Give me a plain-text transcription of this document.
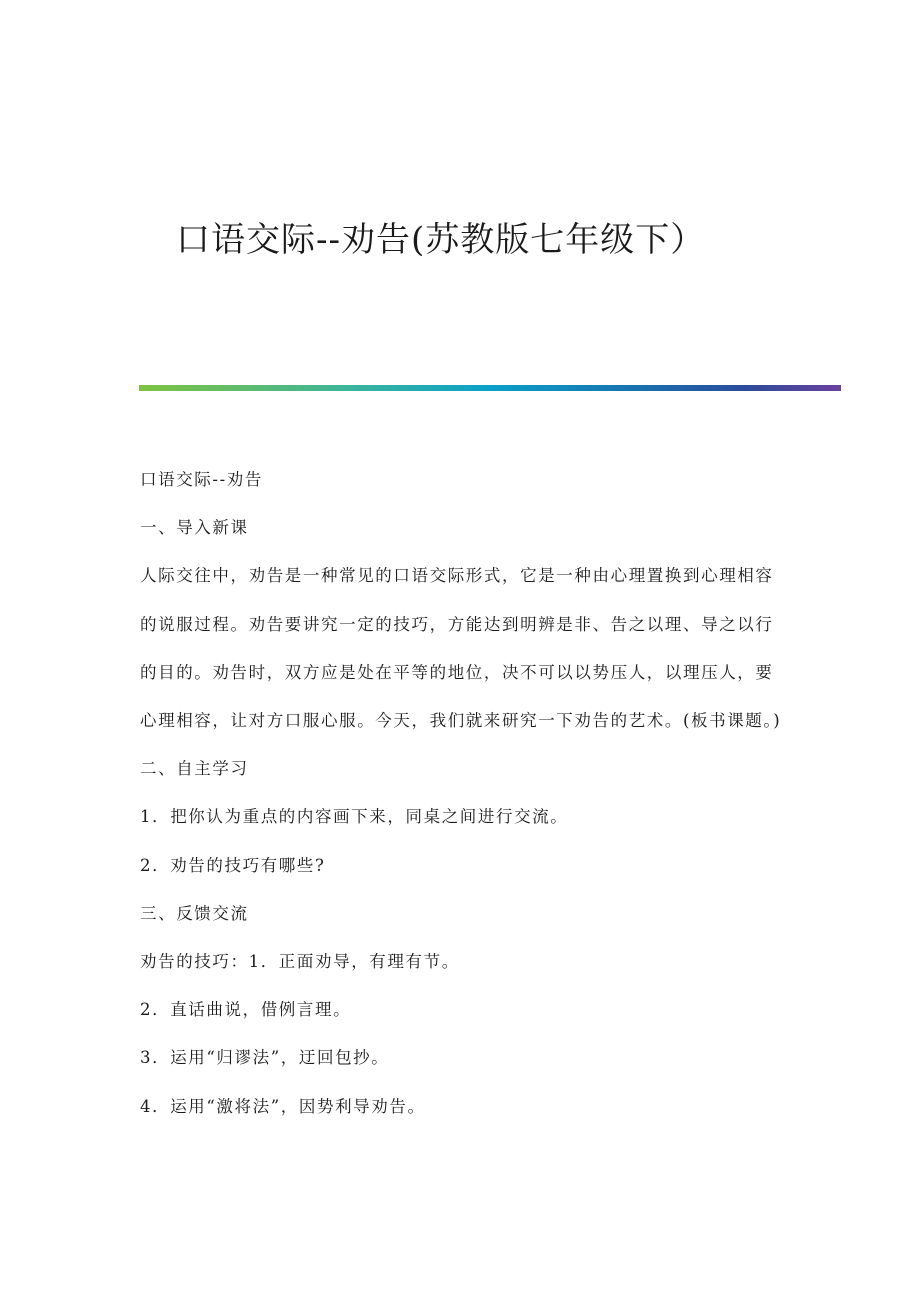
口语交际--劝告(苏教版七年级下）

口语交际--劝告

一、导入新课

人际交往中，劝告是一种常见的口语交际形式，它是一种由心理置换到心理相容的说服过程。劝告要讲究一定的技巧，方能达到明辨是非、告之以理、导之以行的目的。劝告时，双方应是处在平等的地位，决不可以以势压人，以理压人，要心理相容，让对方口服心服。今天，我们就来研究一下劝告的艺术。(板书课题。)

二、自主学习

1．把你认为重点的内容画下来，同桌之间进行交流。

2．劝告的技巧有哪些?

三、反馈交流

劝告的技巧：1．正面劝导，有理有节。

2．直话曲说，借例言理。

3．运用“归谬法”，迂回包抄。

4．运用“激将法”，因势利导劝告。
